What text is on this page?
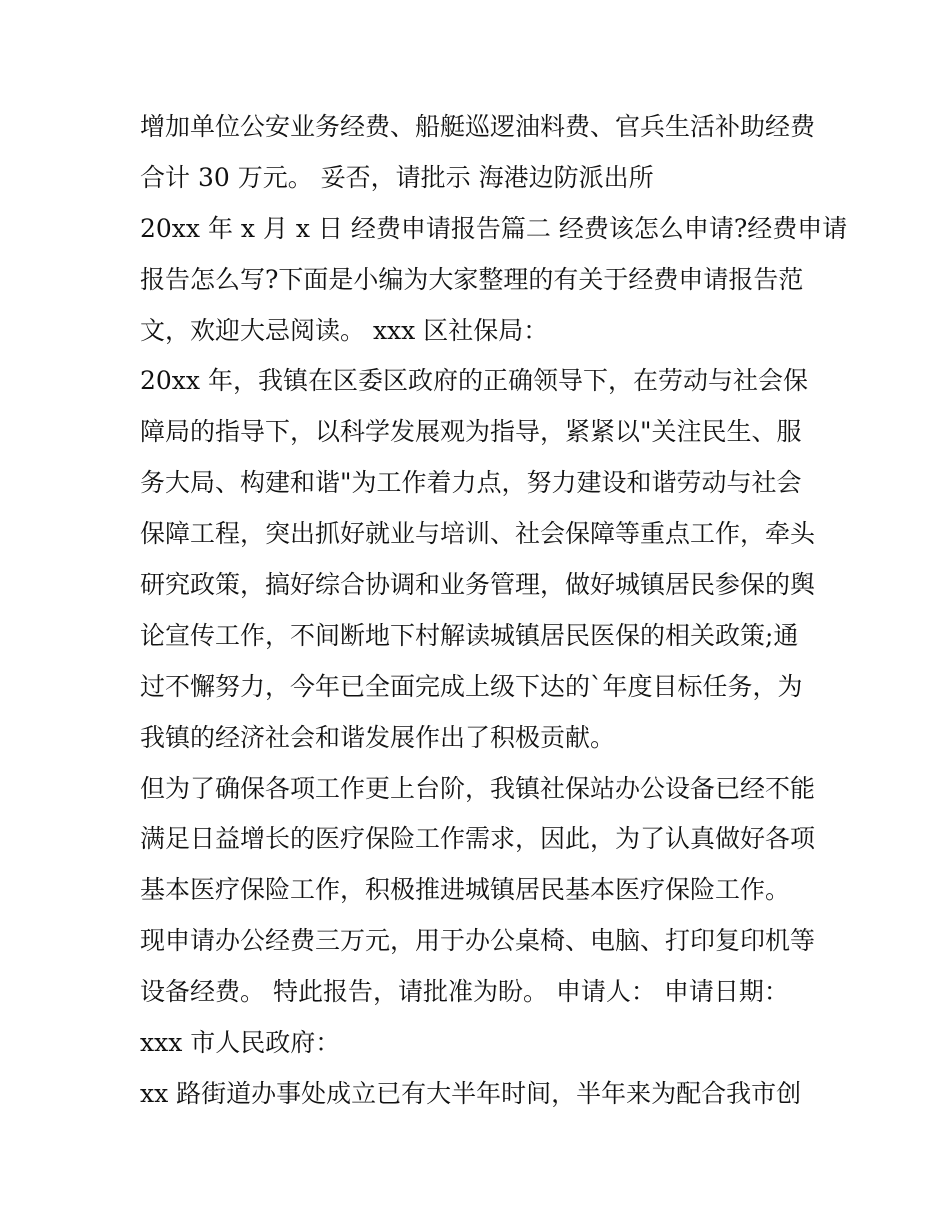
增加单位公安业务经费、船艇巡逻油料费、官兵生活补助经费
合计 30 万元。 妥否，请批示 海港边防派出所
20xx 年 x 月 x 日 经费申请报告篇二 经费该怎么申请?经费申请
报告怎么写?下面是小编为大家整理的有关于经费申请报告范
文，欢迎大忌阅读。 xxx 区社保局：
20xx 年，我镇在区委区政府的正确领导下，在劳动与社会保
障局的指导下，以科学发展观为指导，紧紧以"关注民生、服
务大局、构建和谐"为工作着力点，努力建设和谐劳动与社会
保障工程，突出抓好就业与培训、社会保障等重点工作，牵头
研究政策，搞好综合协调和业务管理，做好城镇居民参保的舆
论宣传工作，不间断地下村解读城镇居民医保的相关政策;通
过不懈努力，今年已全面完成上级下达的`年度目标任务，为
我镇的经济社会和谐发展作出了积极贡献。
但为了确保各项工作更上台阶，我镇社保站办公设备已经不能
满足日益增长的医疗保险工作需求，因此，为了认真做好各项
基本医疗保险工作，积极推进城镇居民基本医疗保险工作。
现申请办公经费三万元，用于办公桌椅、电脑、打印复印机等
设备经费。 特此报告，请批准为盼。 申请人： 申请日期：
xxx 市人民政府：
xx 路街道办事处成立已有大半年时间，半年来为配合我市创
